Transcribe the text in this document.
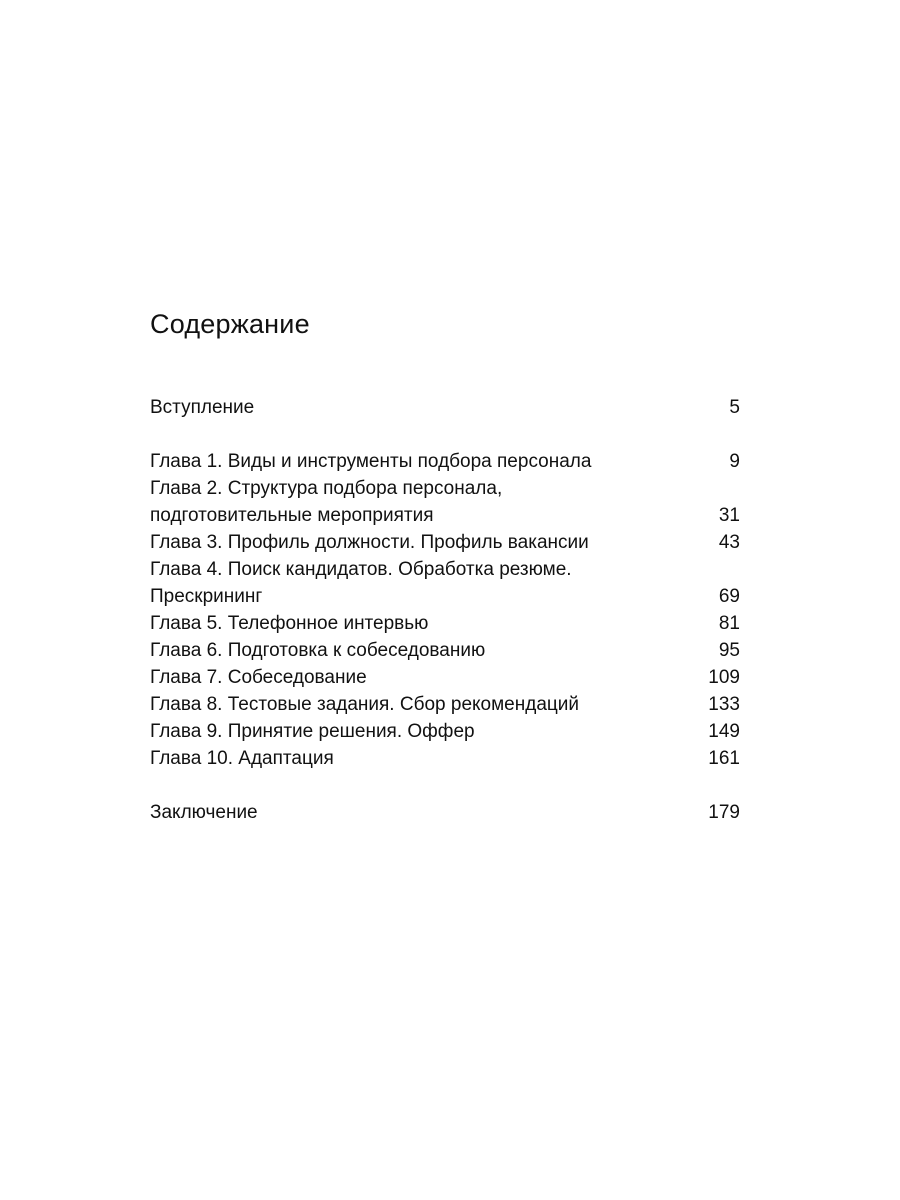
Содержание
Вступление	5
Глава 1. Виды и инструменты подбора персонала	9
Глава 2. Структура подбора персонала,
подготовительные мероприятия	31
Глава 3. Профиль должности. Профиль вакансии	43
Глава 4. Поиск кандидатов. Обработка резюме.
Прескрининг	69
Глава 5. Телефонное интервью	81
Глава 6. Подготовка к собеседованию	95
Глава 7. Собеседование	109
Глава 8. Тестовые задания. Сбор рекомендаций	133
Глава 9. Принятие решения. Оффер	149
Глава 10. Адаптация	161
Заключение	179
